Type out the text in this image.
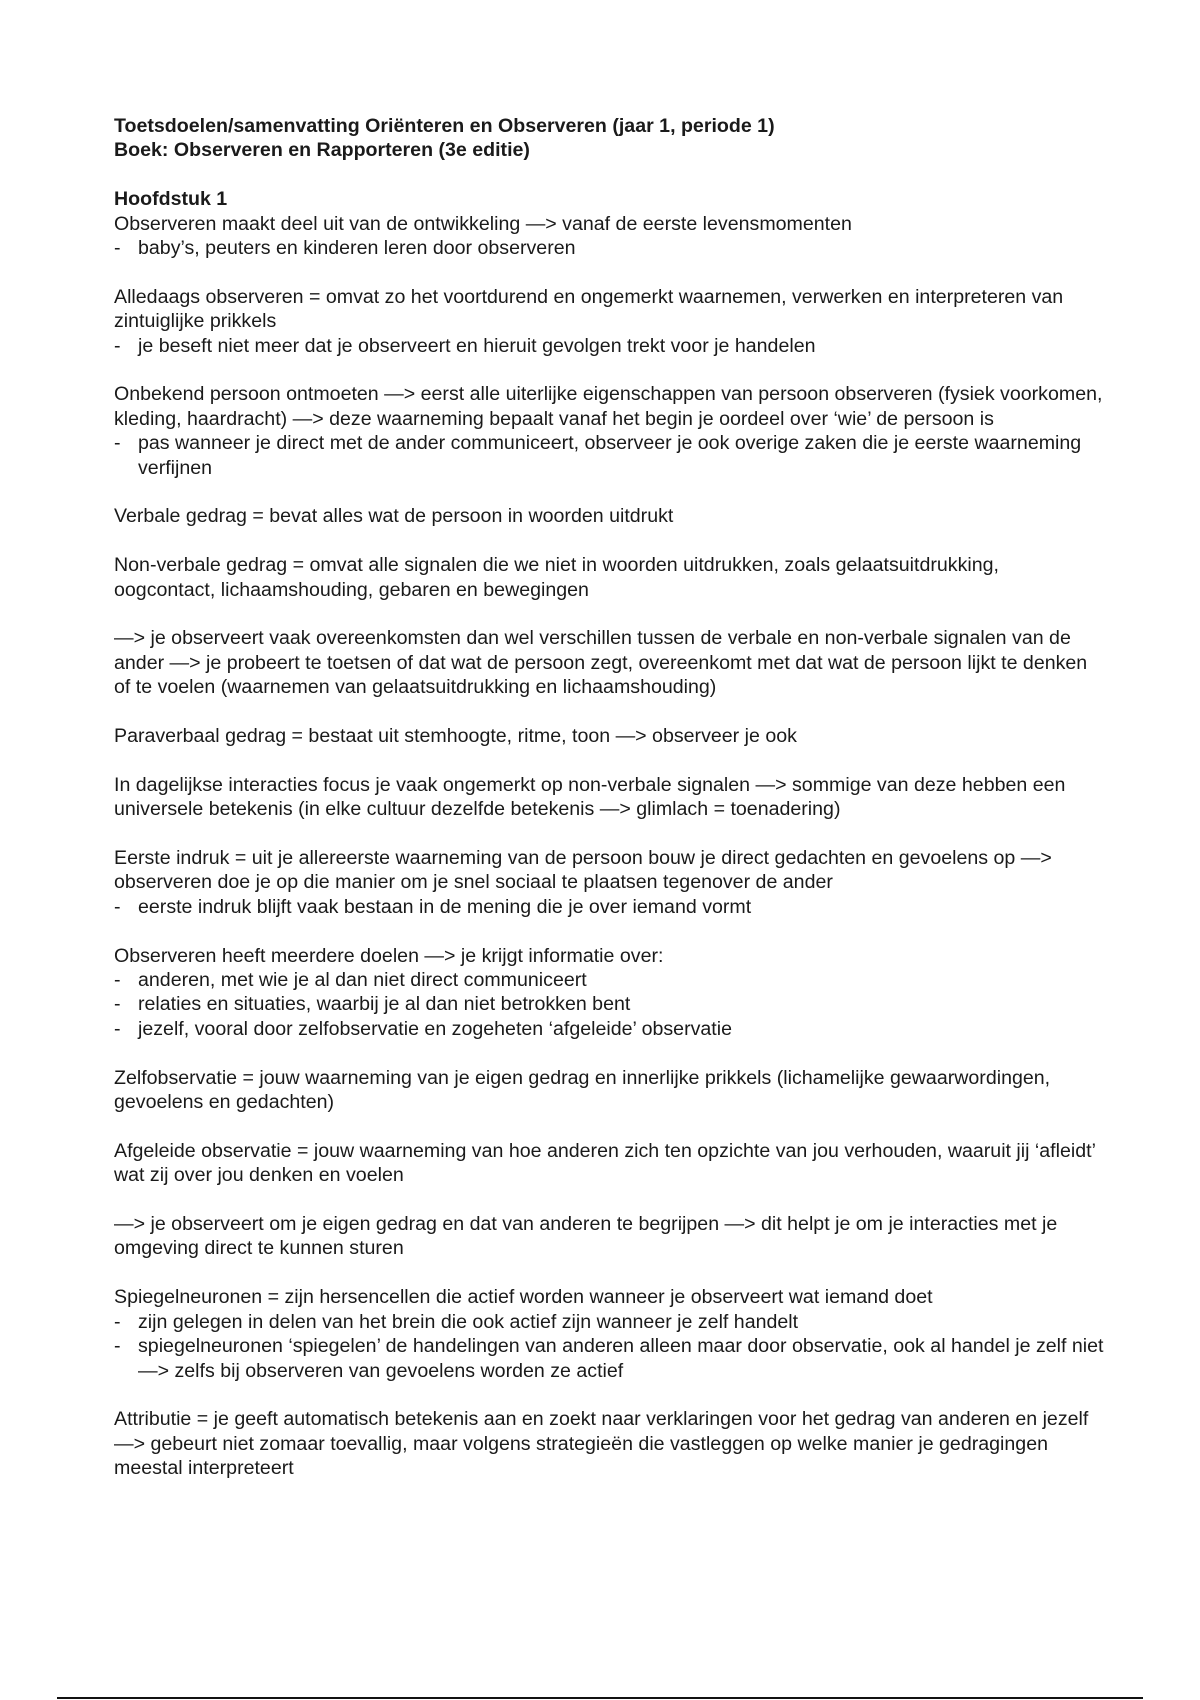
Toetsdoelen/samenvatting Oriënteren en Observeren (jaar 1, periode 1)
Boek: Observeren en Rapporteren (3e editie)
Hoofdstuk 1
Observeren maakt deel uit van de ontwikkeling —> vanaf de eerste levensmomenten
- baby’s, peuters en kinderen leren door observeren
Alledaags observeren = omvat zo het voortdurend en ongemerkt waarnemen, verwerken en interpreteren van zintuiglijke prikkels
- je beseft niet meer dat je observeert en hieruit gevolgen trekt voor je handelen
Onbekend persoon ontmoeten —> eerst alle uiterlijke eigenschappen van persoon observeren (fysiek voorkomen, kleding, haardracht) —> deze waarneming bepaalt vanaf het begin je oordeel over ‘wie’ de persoon is
- pas wanneer je direct met de ander communiceert, observeer je ook overige zaken die je eerste waarneming verfijnen
Verbale gedrag = bevat alles wat de persoon in woorden uitdrukt
Non-verbale gedrag = omvat alle signalen die we niet in woorden uitdrukken, zoals gelaatsuitdrukking, oogcontact, lichaamshouding, gebaren en bewegingen
—> je observeert vaak overeenkomsten dan wel verschillen tussen de verbale en non-verbale signalen van de ander —> je probeert te toetsen of dat wat de persoon zegt, overeenkomt met dat wat de persoon lijkt te denken of te voelen (waarnemen van gelaatsuitdrukking en lichaamshouding)
Paraverbaal gedrag = bestaat uit stemhoogte, ritme, toon —> observeer je ook
In dagelijkse interacties focus je vaak ongemerkt op non-verbale signalen —> sommige van deze hebben een universele betekenis (in elke cultuur dezelfde betekenis —> glimlach = toenadering)
Eerste indruk = uit je allereerste waarneming van de persoon bouw je direct gedachten en gevoelens op —> observeren doe je op die manier om je snel sociaal te plaatsen tegenover de ander
- eerste indruk blijft vaak bestaan in de mening die je over iemand vormt
Observeren heeft meerdere doelen —> je krijgt informatie over:
- anderen, met wie je al dan niet direct communiceert
- relaties en situaties, waarbij je al dan niet betrokken bent
- jezelf, vooral door zelfobservatie en zogeheten ‘afgeleide’ observatie
Zelfobservatie = jouw waarneming van je eigen gedrag en innerlijke prikkels (lichamelijke gewaarwordingen, gevoelens en gedachten)
Afgeleide observatie = jouw waarneming van hoe anderen zich ten opzichte van jou verhouden, waaruit jij ‘afleidt’ wat zij over jou denken en voelen
—> je observeert om je eigen gedrag en dat van anderen te begrijpen —> dit helpt je om je interacties met je omgeving direct te kunnen sturen
Spiegelneuronen = zijn hersencellen die actief worden wanneer je observeert wat iemand doet
- zijn gelegen in delen van het brein die ook actief zijn wanneer je zelf handelt
- spiegelneuronen ‘spiegelen’ de handelingen van anderen alleen maar door observatie, ook al handel je zelf niet —> zelfs bij observeren van gevoelens worden ze actief
Attributie = je geeft automatisch betekenis aan en zoekt naar verklaringen voor het gedrag van anderen en jezelf —> gebeurt niet zomaar toevallig, maar volgens strategieën die vastleggen op welke manier je gedragingen meestal interpreteert
